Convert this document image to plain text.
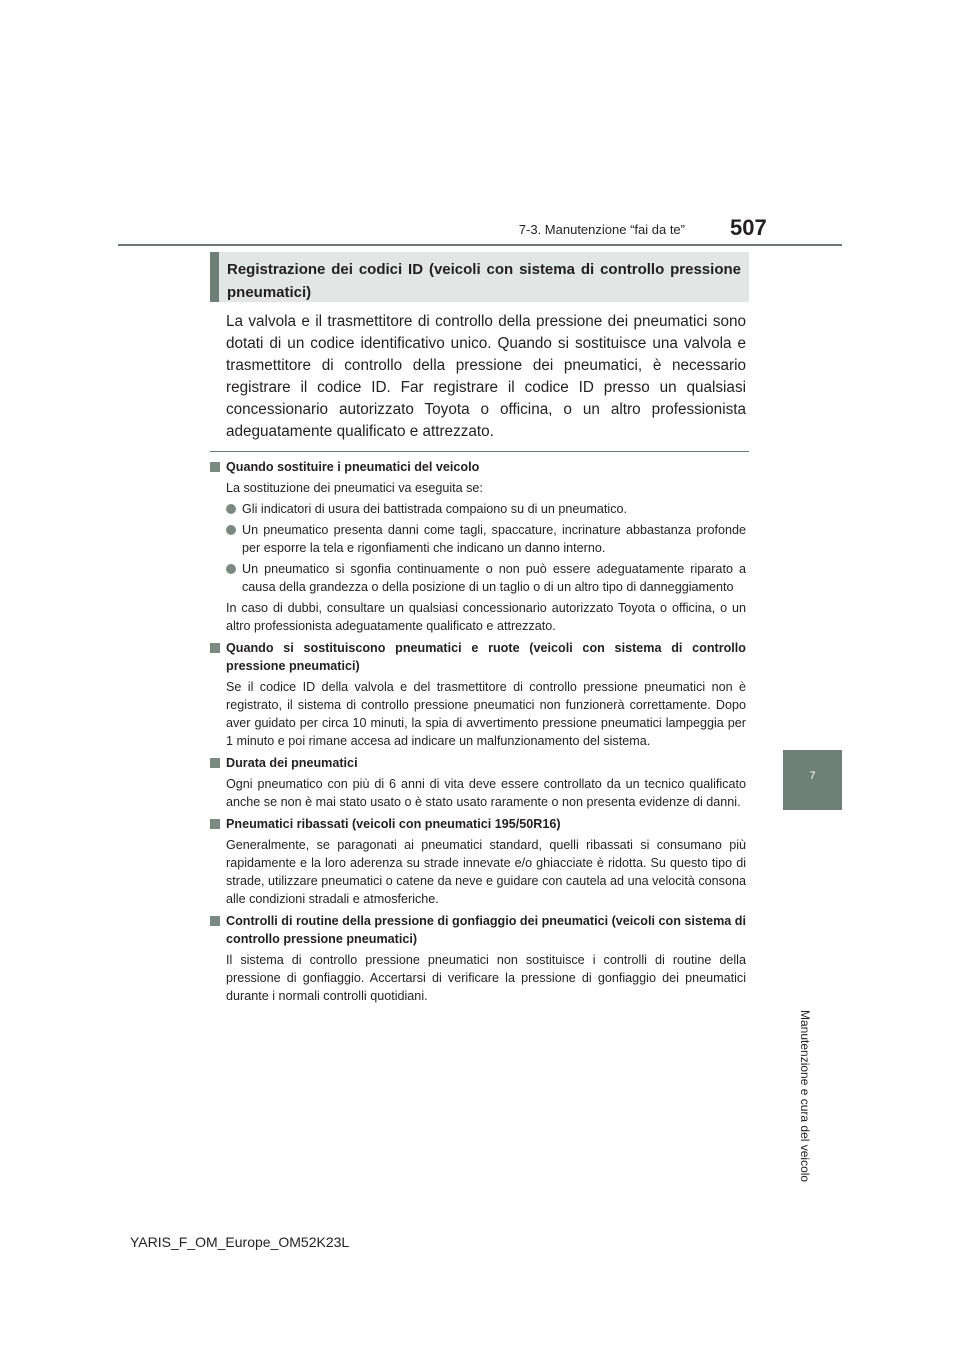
7-3. Manutenzione “fai da te” 507
7
Manutenzione e cura del veicolo
Registrazione dei codici ID (veicoli con sistema di controllo pressione pneumatici)
La valvola e il trasmettitore di controllo della pressione dei pneumatici sono dotati di un codice identificativo unico. Quando si sostituisce una valvola e trasmettitore di controllo della pressione dei pneumatici, è necessario registrare il codice ID. Far registrare il codice ID presso un qualsiasi concessionario autorizzato Toyota o officina, o un altro professionista adeguatamente qualificato e attrezzato.
Quando sostituire i pneumatici del veicolo
La sostituzione dei pneumatici va eseguita se:
Gli indicatori di usura dei battistrada compaiono su di un pneumatico.
Un pneumatico presenta danni come tagli, spaccature, incrinature abbastanza profonde per esporre la tela e rigonfiamenti che indicano un danno interno.
Un pneumatico si sgonfia continuamente o non può essere adeguatamente riparato a causa della grandezza o della posizione di un taglio o di un altro tipo di danneggiamento
In caso di dubbi, consultare un qualsiasi concessionario autorizzato Toyota o officina, o un altro professionista adeguatamente qualificato e attrezzato.
Quando si sostituiscono pneumatici e ruote (veicoli con sistema di controllo pressione pneumatici)
Se il codice ID della valvola e del trasmettitore di controllo pressione pneumatici non è registrato, il sistema di controllo pressione pneumatici non funzionerà correttamente. Dopo aver guidato per circa 10 minuti, la spia di avvertimento pressione pneumatici lampeggia per 1 minuto e poi rimane accesa ad indicare un malfunzionamento del sistema.
Durata dei pneumatici
Ogni pneumatico con più di 6 anni di vita deve essere controllato da un tecnico qualificato anche se non è mai stato usato o è stato usato raramente o non presenta evidenze di danni.
Pneumatici ribassati (veicoli con pneumatici 195/50R16)
Generalmente, se paragonati ai pneumatici standard, quelli ribassati si consumano più rapidamente e la loro aderenza su strade innevate e/o ghiacciate è ridotta. Su questo tipo di strade, utilizzare pneumatici o catene da neve e guidare con cautela ad una velocità consona alle condizioni stradali e atmosferiche.
Controlli di routine della pressione di gonfiaggio dei pneumatici (veicoli con sistema di controllo pressione pneumatici)
Il sistema di controllo pressione pneumatici non sostituisce i controlli di routine della pressione di gonfiaggio. Accertarsi di verificare la pressione di gonfiaggio dei pneumatici durante i normali controlli quotidiani.
YARIS_F_OM_Europe_OM52K23L
